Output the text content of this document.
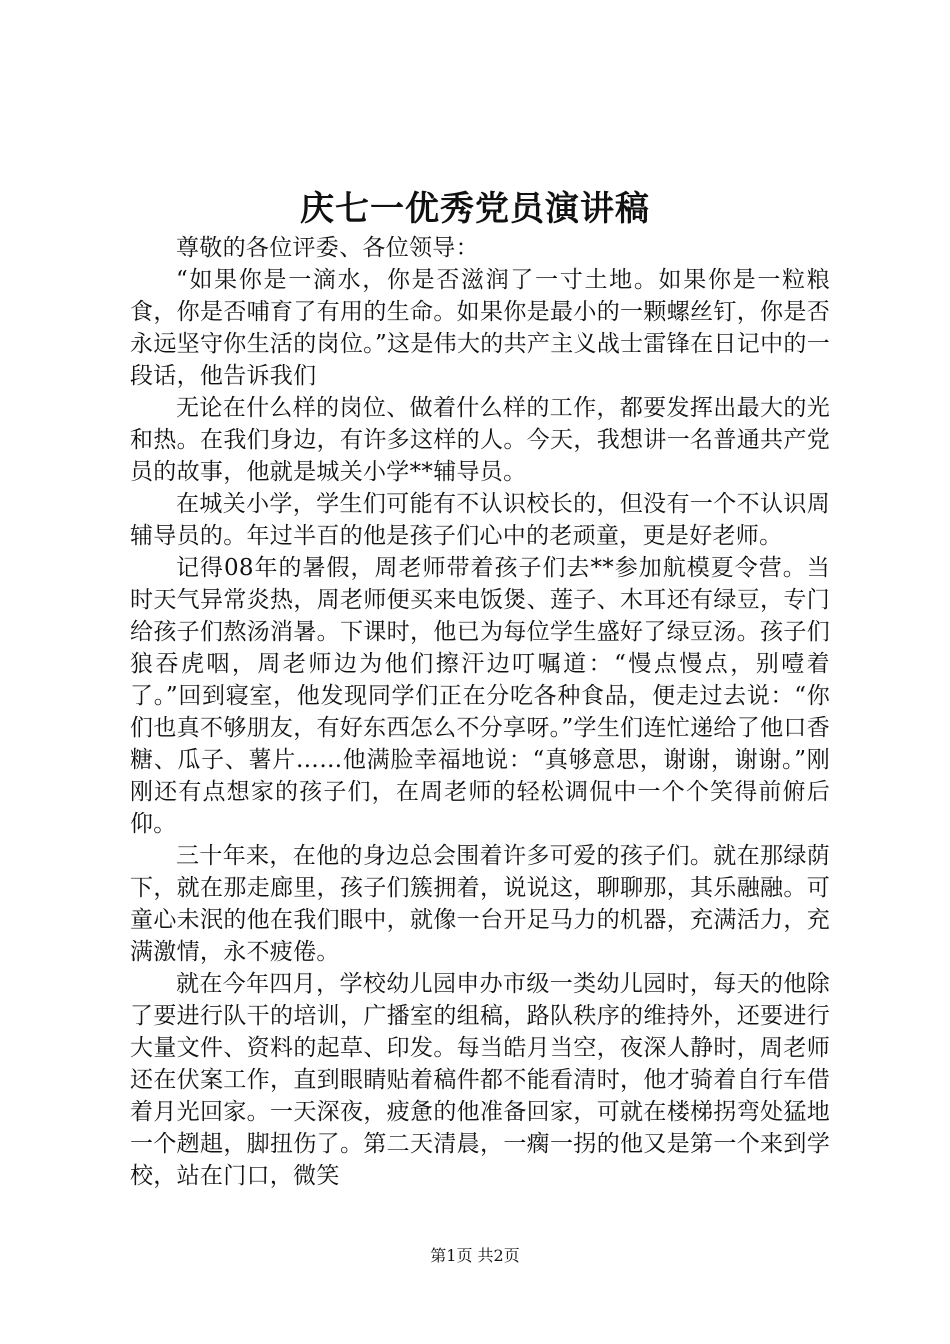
庆七一优秀党员演讲稿

尊敬的各位评委、各位领导：

“如果你是一滴水，你是否滋润了一寸土地。如果你是一粒粮食，你是否哺育了有用的生命。如果你是最小的一颗螺丝钉，你是否永远坚守你生活的岗位。”这是伟大的共产主义战士雷锋在日记中的一段话，他告诉我们

无论在什么样的岗位、做着什么样的工作，都要发挥出最大的光和热。在我们身边，有许多这样的人。今天，我想讲一名普通共产党员的故事，他就是城关小学**辅导员。

在城关小学，学生们可能有不认识校长的，但没有一个不认识周辅导员的。年过半百的他是孩子们心中的老顽童，更是好老师。

记得08年的暑假，周老师带着孩子们去**参加航模夏令营。当时天气异常炎热，周老师便买来电饭煲、莲子、木耳还有绿豆，专门给孩子们熬汤消暑。下课时，他已为每位学生盛好了绿豆汤。孩子们狼吞虎咽，周老师边为他们擦汗边叮嘱道：“慢点慢点，别噎着了。”回到寝室，他发现同学们正在分吃各种食品，便走过去说：“你们也真不够朋友，有好东西怎么不分享呀。”学生们连忙递给了他口香糖、瓜子、薯片……他满脸幸福地说：“真够意思，谢谢，谢谢。”刚刚还有点想家的孩子们，在周老师的轻松调侃中一个个笑得前俯后仰。

三十年来，在他的身边总会围着许多可爱的孩子们。就在那绿荫下，就在那走廊里，孩子们簇拥着，说说这，聊聊那，其乐融融。可童心未泯的他在我们眼中，就像一台开足马力的机器，充满活力，充满激情，永不疲倦。

就在今年四月，学校幼儿园申办市级一类幼儿园时，每天的他除了要进行队干的培训，广播室的组稿，路队秩序的维持外，还要进行大量文件、资料的起草、印发。每当皓月当空，夜深人静时，周老师还在伏案工作，直到眼睛贴着稿件都不能看清时，他才骑着自行车借着月光回家。一天深夜，疲惫的他准备回家，可就在楼梯拐弯处猛地一个趔趄，脚扭伤了。第二天清晨，一瘸一拐的他又是第一个来到学校，站在门口，微笑

第1页 共2页
